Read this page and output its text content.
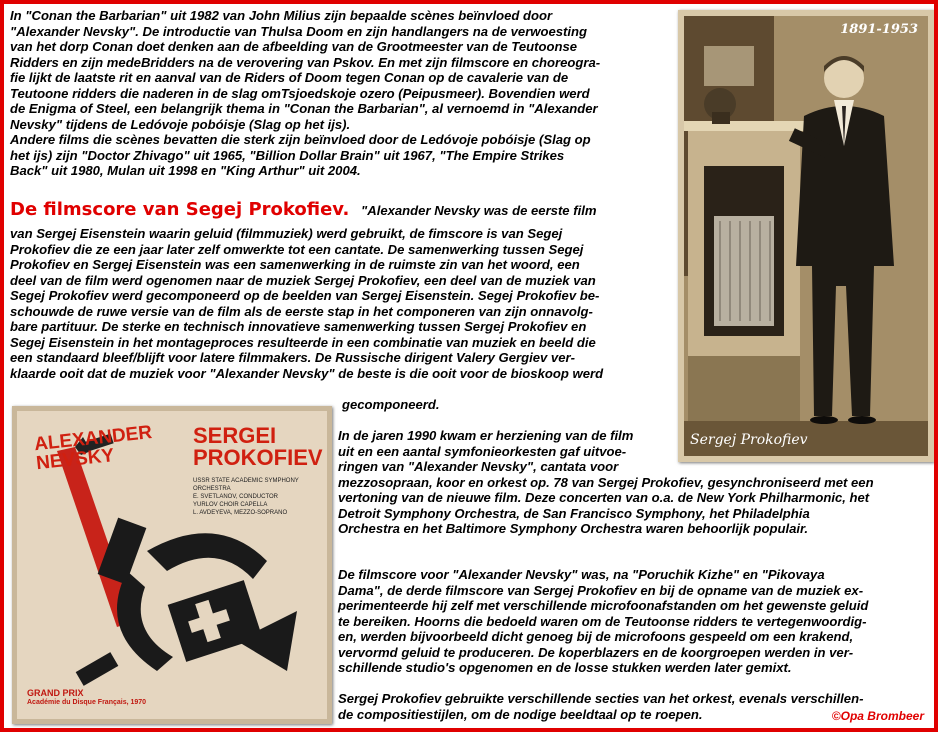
In "Conan the Barbarian" uit 1982 van John Milius zijn bepaalde scènes beïnvloed door
"Alexander Nevsky". De introductie van Thulsa Doom en zijn handlangers na de verwoesting
van het dorp Conan doet denken aan de afbeelding van de Grootmeester van de Teutoonse
Ridders en zijn medeBridders na de verovering van Pskov. En met zijn filmscore en choreogra-
fie lijkt de laatste rit en aanval van de Riders of Doom tegen Conan op de cavalerie van de
Teutoone ridders die naderen in de slag omTsjoedskoje ozero (Peipusmeer). Bovendien werd
de Enigma of Steel, een belangrijk thema in "Conan the Barbarian", al vernoemd in "Alexander
Nevsky" tijdens de Ledóvoje pobóisje (Slag op het ijs).
Andere films die scènes bevatten die sterk zijn beïnvloed door de Ledóvoje pobóisje (Slag op
het ijs) zijn "Doctor Zhivago" uit 1965, "Billion Dollar Brain" uit 1967, "The Empire Strikes
Back" uit 1980, Mulan uit 1998 en "King Arthur" uit 2004.
De filmscore van Segej Prokofiev. "Alexander Nevsky was de eerste film
van Sergej Eisenstein waarin geluid (filmmuziek) werd gebruikt, de fimscore is van Segej
Prokofiev die ze een jaar later zelf omwerkte tot een cantate. De samenwerking tussen Segej
Prokofiev en Sergej Eisenstein was een samenwerking in de ruimste zin van het woord, een
deel van de film werd ogenomen naar de muziek Sergej Prokofiev, een deel van de muziek van
Segej Prokofiev werd gecomponeerd op de beelden van Sergej Eisenstein. Segej Prokofiev be-
schouwde de ruwe versie van de film als de eerste stap in het componeren van zijn onnavolg-
bare partituur. De sterke en technisch innovatieve samenwerking tussen Sergej Prokofiev en
Segej Eisenstein in het montageproces resulteerde in een combinatie van muziek en beeld die
een standaard bleef/blijft voor latere filmmakers. De Russische dirigent Valery Gergiev ver-
klaarde ooit dat de muziek voor "Alexander Nevsky" de beste is die ooit voor de bioskoop werd
gecomponeerd.
In de jaren 1990 kwam er herziening van de film
uit en een aantal symfonieorkesten gaf uitvoe-
ringen van "Alexander Nevsky", cantata voor
mezzosopraan, koor en orkest op. 78 van Sergej Prokofiev, gesynchroniseerd met een
vertoning van de nieuwe film. Deze concerten van o.a. de New York Philharmonic, het
Detroit Symphony Orchestra, de San Francisco Symphony, het Philadelphia
Orchestra en het Baltimore Symphony Orchestra waren behoorlijk populair.
De filmscore voor "Alexander Nevsky" was, na "Poruchik Kizhe" en "Pikovaya
Dama", de derde filmscore van Sergej Prokofiev en bij de opname van de muziek ex-
perimenteerde hij zelf met verschillende microfoonafstanden om het gewenste geluid
te bereiken. Hoorns die bedoeld waren om de Teutoonse ridders te vertegenwoordig-
en, werden bijvoorbeeld dicht genoeg bij de microfoons gespeeld om een krakend,
vervormd geluid te produceren. De koperblazers en de koorgroepen werden in ver-
schillende studio's opgenomen en de losse stukken werden later gemixt.
Sergej Prokofiev gebruikte verschillende secties van het orkest, evenals verschillen-
de compositiestijlen, om de nodige beeldtaal op te roepen.	©Opa Brombeer
1891-1953
Sergej Prokofiev
ALEXANDER NEVSKY
SERGEI
PROKOFIEV
USSR STATE ACADEMIC SYMPHONY ORCHESTRA
E. SVETLANOV, CONDUCTOR
YURLOV CHOIR CAPELLA
L. AVDEYEVA, MEZZO-SOPRANO
GRAND PRIX
Académie du Disque Français, 1970
